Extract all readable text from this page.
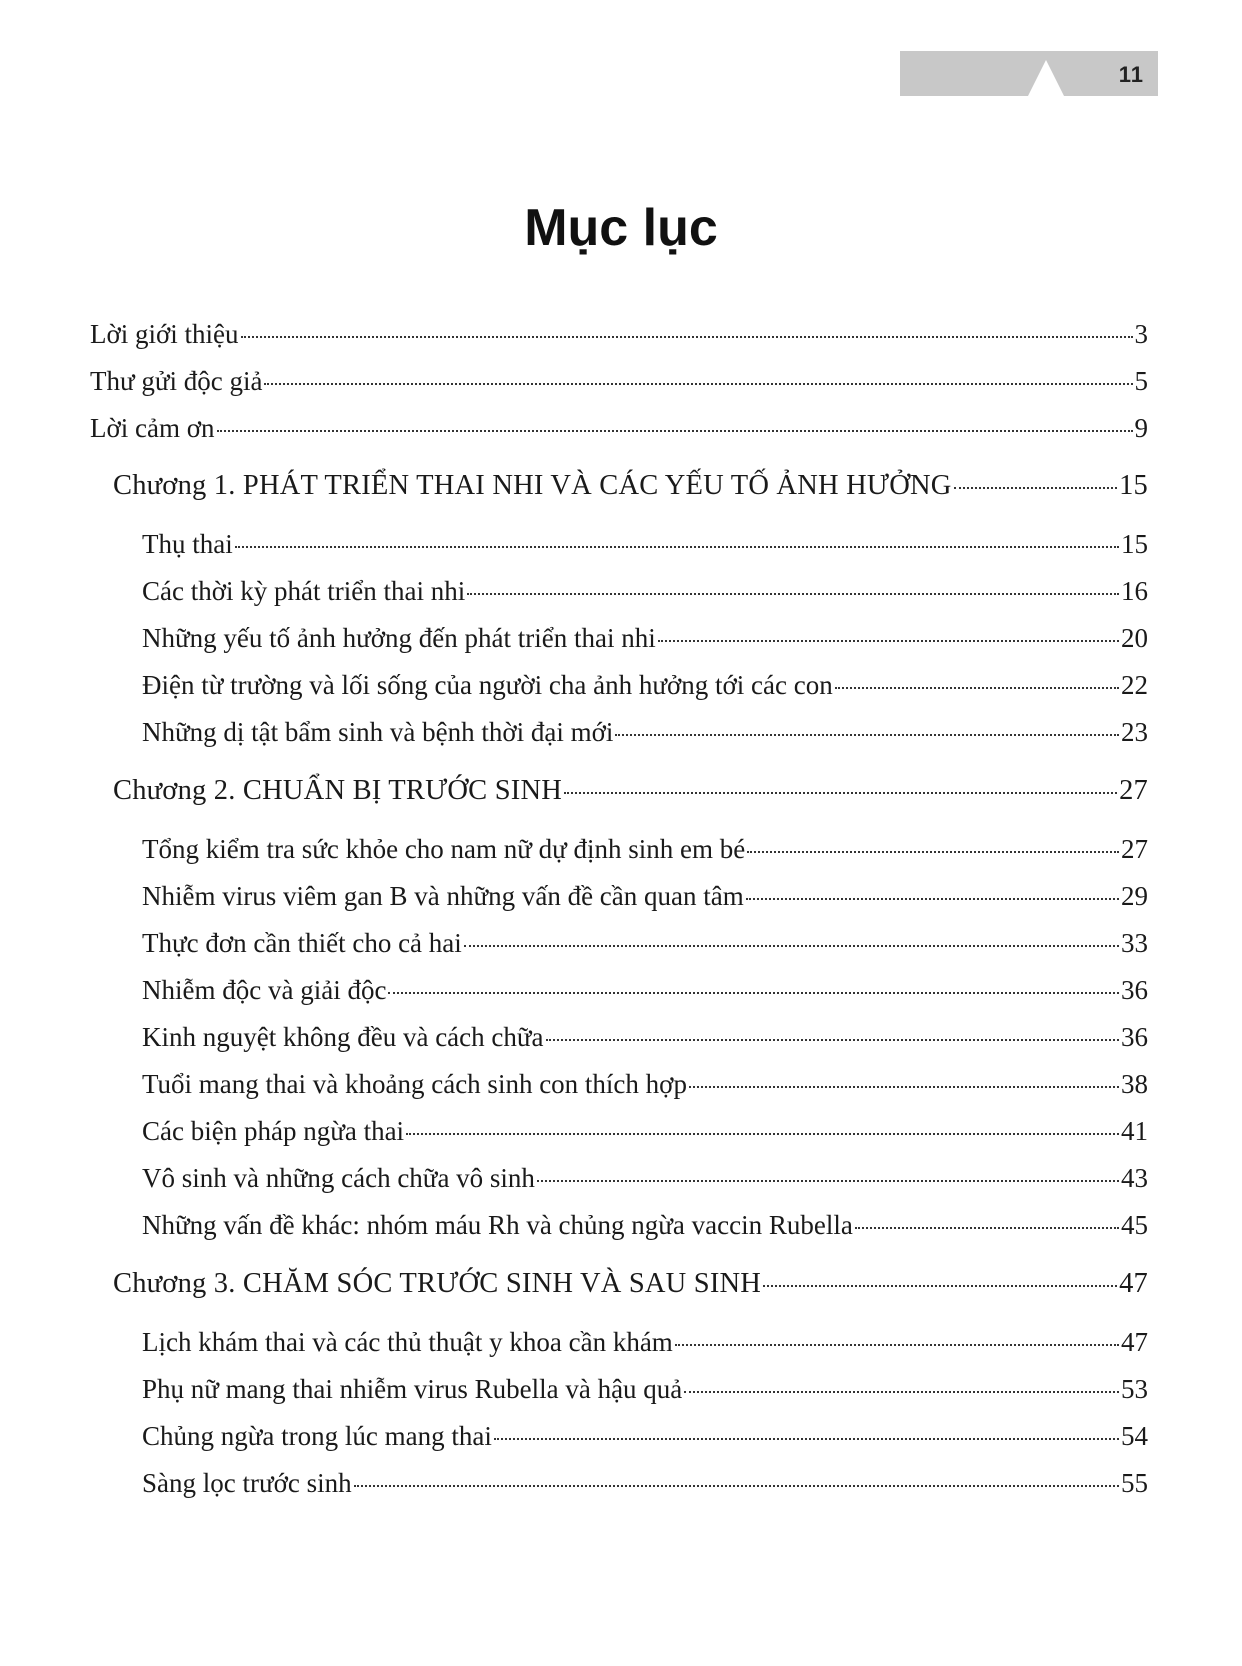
11
Mục lục
Lời giới thiệu	3
Thư gửi độc giả	5
Lời cảm ơn	9
Chương 1. PHÁT TRIỂN THAI NHI VÀ CÁC YẾU TỐ ẢNH HƯỞNG	15
Thụ thai	15
Các thời kỳ phát triển thai nhi	16
Những yếu tố ảnh hưởng đến phát triển thai nhi	20
Điện từ trường và lối sống của người cha ảnh hưởng tới các con	22
Những dị tật bẩm sinh và bệnh thời đại mới	23
Chương 2. CHUẨN BỊ TRƯỚC SINH	27
Tổng kiểm tra sức khỏe cho nam nữ dự định sinh em bé	27
Nhiễm virus viêm gan B và những vấn đề cần quan tâm	29
Thực đơn cần thiết cho cả hai	33
Nhiễm độc và giải độc	36
Kinh nguyệt không đều và cách chữa	36
Tuổi mang thai và khoảng cách sinh con thích hợp	38
Các biện pháp ngừa thai	41
Vô sinh và những cách chữa vô sinh	43
Những vấn đề khác: nhóm máu Rh và chủng ngừa vaccin Rubella	45
Chương 3. CHĂM SÓC TRƯỚC SINH VÀ SAU SINH	47
Lịch khám thai và các thủ thuật y khoa cần khám	47
Phụ nữ mang thai nhiễm virus Rubella và hậu quả	53
Chủng ngừa trong lúc mang thai	54
Sàng lọc trước sinh	55
